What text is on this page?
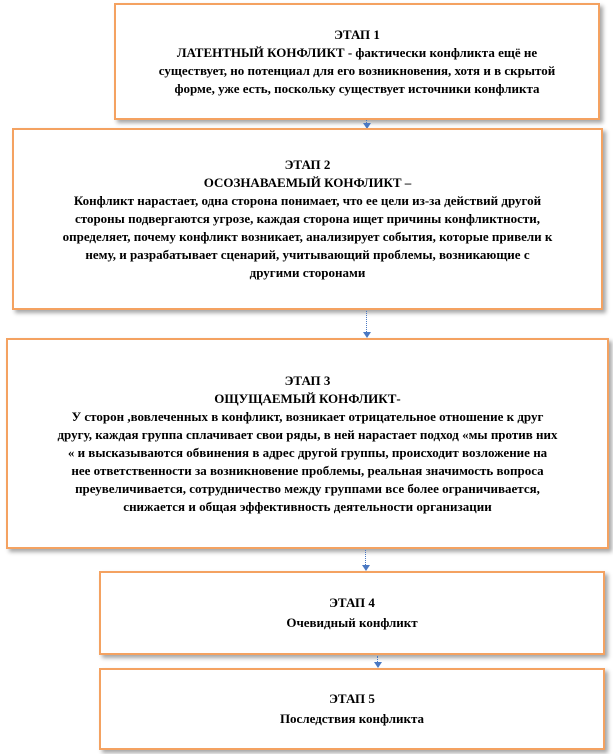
ЭТАП 1
ЛАТЕНТНЫЙ КОНФЛИКТ - фактически конфликта ещё не
существует, но потенциал для его возникновения, хотя и в скрытой
форме, уже есть, поскольку существует источники конфликта
ЭТАП 2
ОСОЗНАВАЕМЫЙ КОНФЛИКТ –
Конфликт нарастает, одна сторона понимает, что ее цели из-за действий другой
стороны подвергаются угрозе, каждая сторона ищет причины конфликтности,
определяет, почему конфликт возникает, анализирует события, которые привели к
нему, и разрабатывает сценарий, учитывающий проблемы, возникающие с
другими сторонами
ЭТАП 3
ОЩУЩАЕМЫЙ КОНФЛИКТ-
У сторон ,вовлеченных в конфликт, возникает отрицательное отношение к друг
другу, каждая группа сплачивает свои ряды, в ней нарастает подход «мы против них
« и высказываются обвинения в адрес другой группы, происходит возложение на
нее ответственности за возникновение проблемы, реальная значимость вопроса
преувеличивается, сотрудничество между группами все более ограничивается,
снижается и общая эффективность деятельности организации
ЭТАП 4
Очевидный конфликт
ЭТАП 5
Последствия конфликта
